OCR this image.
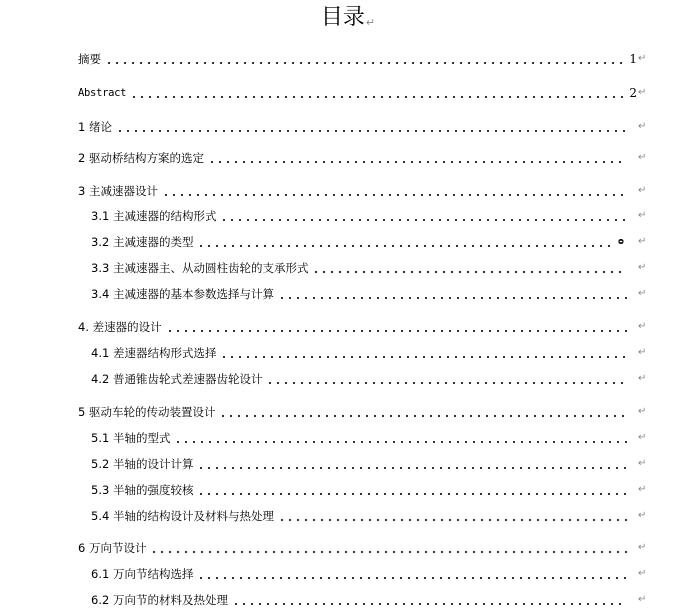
目录↵
摘要	1 ↵
Abstract	2 ↵
1 绪论	↵
2 驱动桥结构方案的选定	↵
3 主减速器设计	↵
3.1 主减速器的结构形式	↵
3.2 主减速器的类型	ᴑ	↵
3.3 主减速器主、从动圆柱齿轮的支承形式	↵
3.4 主减速器的基本参数选择与计算	↵
4. 差速器的设计	↵
4.1 差速器结构形式选择	↵
4.2 普通锥齿轮式差速器齿轮设计	↵
5 驱动车轮的传动装置设计	↵
5.1 半轴的型式	↵
5.2 半轴的设计计算	↵
5.3 半轴的强度较核	↵
5.4 半轴的结构设计及材料与热处理	↵
6 万向节设计	↵
6.1 万向节结构选择	↵
6.2 万向节的材料及热处理	↵
